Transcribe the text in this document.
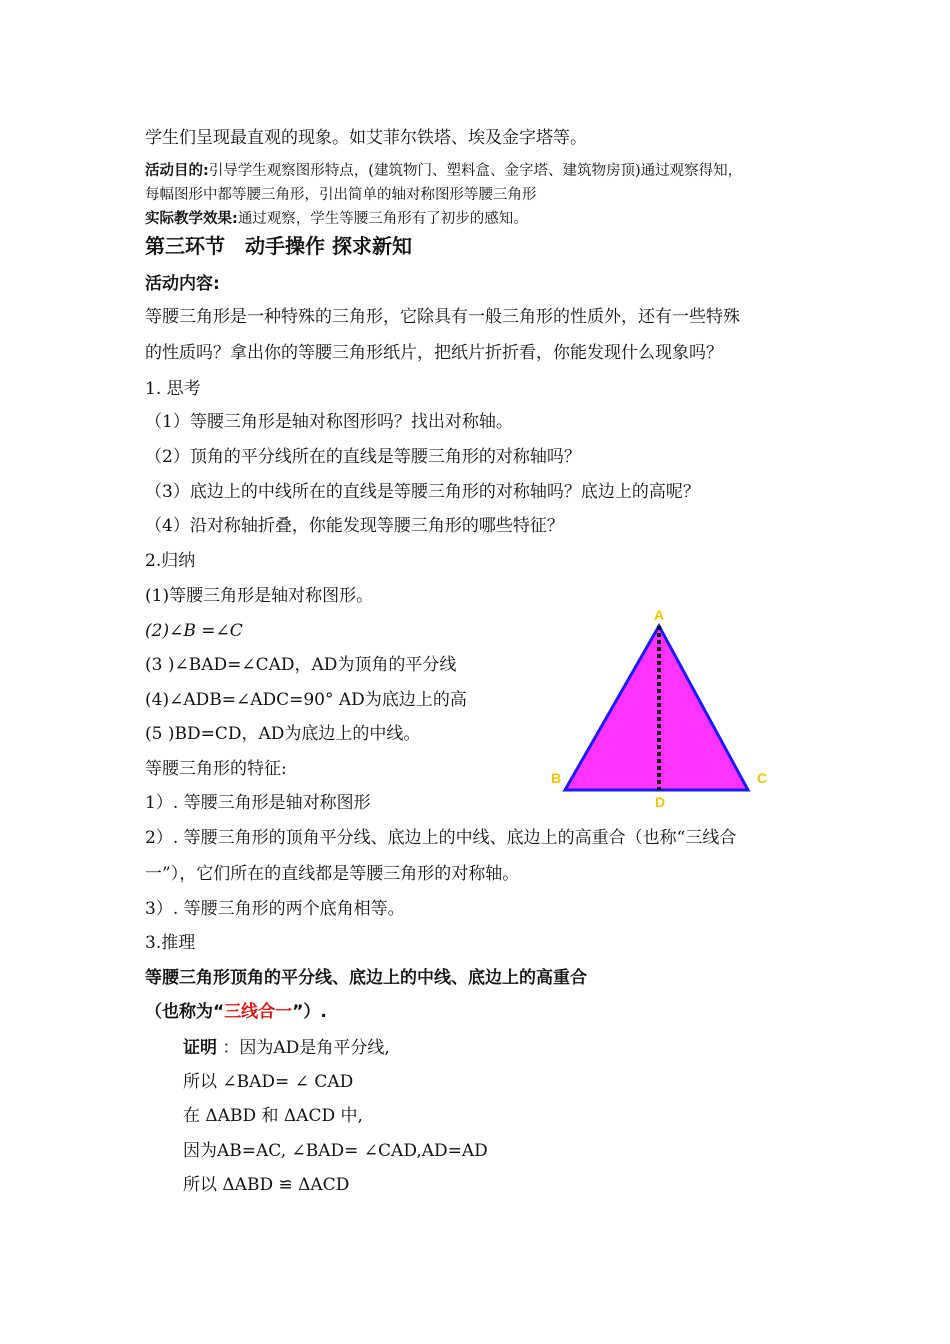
学生们呈现最直观的现象。如艾菲尔铁塔、埃及金字塔等。
活动目的:引导学生观察图形特点，(建筑物门、塑料盒、金字塔、建筑物房顶)通过观察得知，
每幅图形中都等腰三角形，引出简单的轴对称图形等腰三角形
实际教学效果:通过观察，学生等腰三角形有了初步的感知。
第三环节　动手操作 探求新知
活动内容:
等腰三角形是一种特殊的三角形，它除具有一般三角形的性质外，还有一些特殊
的性质吗？拿出你的等腰三角形纸片，把纸片折折看，你能发现什么现象吗？
1. 思考
（1）等腰三角形是轴对称图形吗？找出对称轴。
（2）顶角的平分线所在的直线是等腰三角形的对称轴吗？
（3）底边上的中线所在的直线是等腰三角形的对称轴吗？底边上的高呢？
（4）沿对称轴折叠，你能发现等腰三角形的哪些特征？
2.归纳
(1)等腰三角形是轴对称图形。
(2)∠B =∠C
(3 )∠BAD=∠CAD，AD为顶角的平分线
(4)∠ADB=∠ADC=90° AD为底边上的高
(5 )BD=CD，AD为底边上的中线。
等腰三角形的特征:
1）. 等腰三角形是轴对称图形
2）. 等腰三角形的顶角平分线、底边上的中线、底边上的高重合（也称“三线合
一”），它们所在的直线都是等腰三角形的对称轴。
3）. 等腰三角形的两个底角相等。
3.推理
等腰三角形顶角的平分线、底边上的中线、底边上的高重合
（也称为“三线合一”）.
证明 ：因为AD是角平分线,
所以 ∠BAD= ∠ CAD
在 ΔABD 和 ΔACD 中,
因为AB=AC, ∠BAD= ∠CAD,AD=AD
所以 ΔABD ≌ ΔACD
A
B	C
D
